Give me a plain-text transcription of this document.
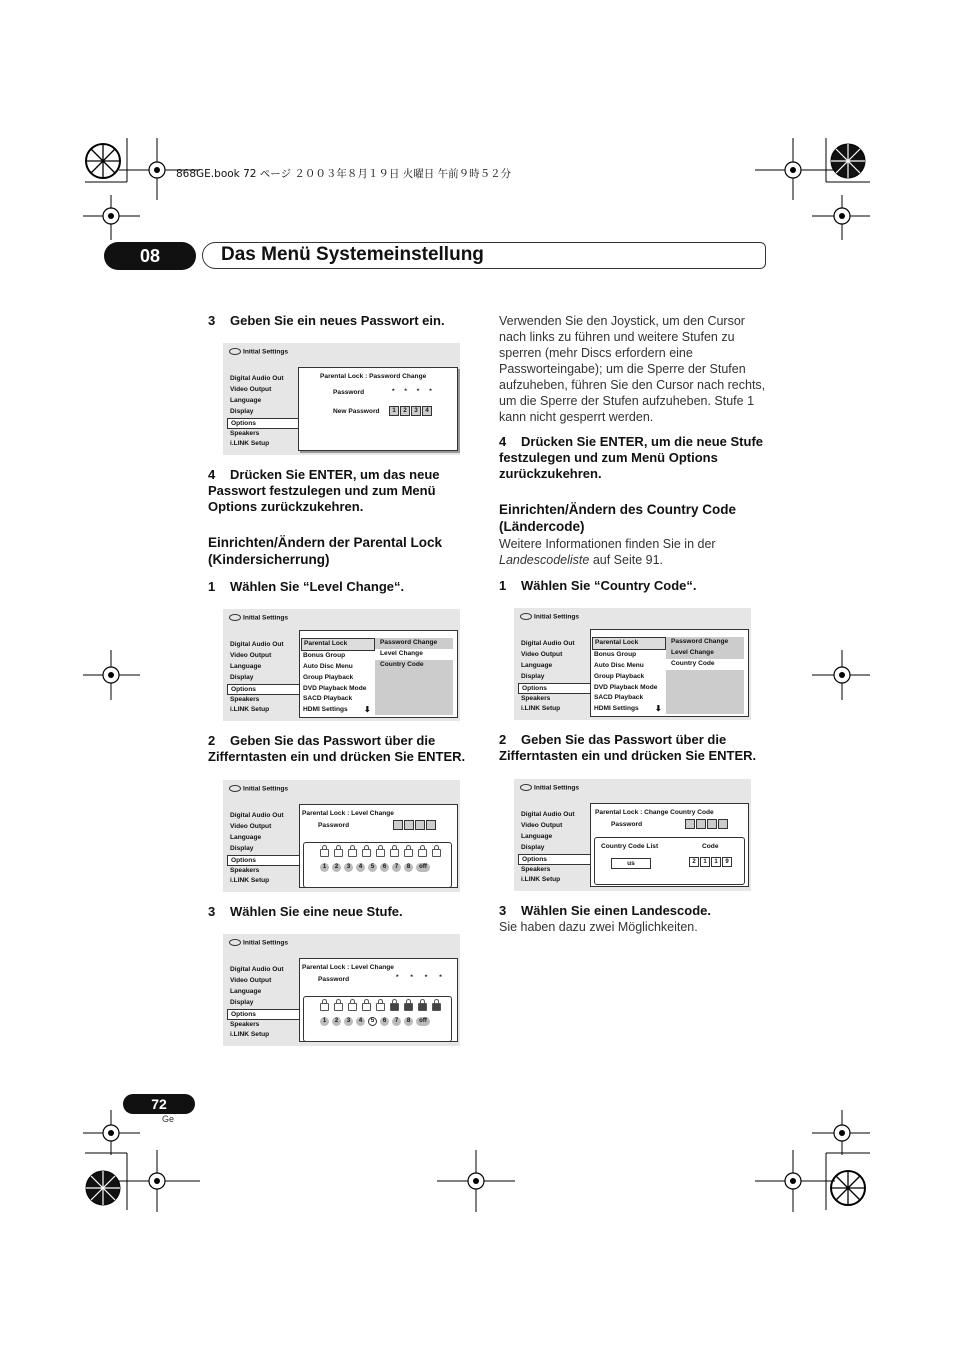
868GE.book 72 ページ ２００３年８月１９日 火曜日 午前９時５２分
08	Das Menü Systemeinstellung
3 Geben Sie ein neues Passwort ein.
Initial Settings
Digital Audio Out
Video Output
Language
Display
Options
Speakers
i.LINK Setup
Parental Lock : Password Change
Password	* * * *
New Password	1 2 3 4
4 Drücken Sie ENTER, um das neue Passwort festzulegen und zum Menü Options zurückzukehren.
Einrichten/Ändern der Parental Lock (Kindersicherrung)
1 Wählen Sie “Level Change“.
Initial Settings
Digital Audio Out
Video Output
Language
Display
Options
Speakers
i.LINK Setup
Parental Lock
Bonus Group
Auto Disc Menu
Group Playback
DVD Playback Mode
SACD Playback
HDMI Settings
Password Change
Level Change
Country Code
⬇
2 Geben Sie das Passwort über die Zifferntasten ein und drücken Sie ENTER.
Initial Settings
Digital Audio Out
Video Output
Language
Display
Options
Speakers
i.LINK Setup
Parental Lock : Level Change
Password
1 2 3 4 5 6 7 8 off
3 Wählen Sie eine neue Stufe.
Initial Settings
Digital Audio Out
Video Output
Language
Display
Options
Speakers
i.LINK Setup
Parental Lock : Level Change
Password	* * * *
1 2 3 4 5 6 7 8 off
Verwenden Sie den Joystick, um den Cursor nach links zu führen und weitere Stufen zu sperren (mehr Discs erfordern eine Passworteingabe); um die Sperre der Stufen aufzuheben, führen Sie den Cursor nach rechts, um die Sperre der Stufen aufzuheben. Stufe 1 kann nicht gesperrt werden.
4 Drücken Sie ENTER, um die neue Stufe festzulegen und zum Menü Options zurückzukehren.
Einrichten/Ändern des Country Code (Ländercode)
Weitere Informationen finden Sie in der Landescodeliste auf Seite 91.
1 Wählen Sie “Country Code“.
Initial Settings
Digital Audio Out
Video Output
Language
Display
Options
Speakers
i.LINK Setup
Parental Lock
Bonus Group
Auto Disc Menu
Group Playback
DVD Playback Mode
SACD Playback
HDMI Settings
Password Change
Level Change
Country Code
⬇
2 Geben Sie das Passwort über die Zifferntasten ein und drücken Sie ENTER.
Initial Settings
Digital Audio Out
Video Output
Language
Display
Options
Speakers
i.LINK Setup
Parental Lock : Change Country Code
Password
Country Code List	Code
us	2 1 1 9
3 Wählen Sie einen Landescode.
Sie haben dazu zwei Möglichkeiten.
72
Ge
